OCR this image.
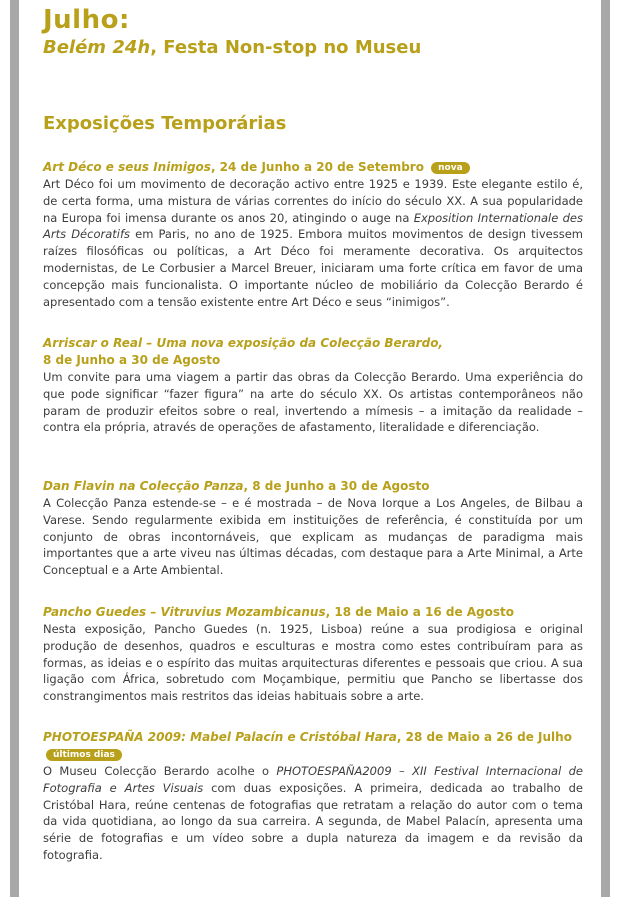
Julho:
Belém 24h, Festa Non-stop no Museu
Exposições Temporárias
Art Déco e seus Inimigos, 24 de Junho a 20 de Setembro nova

Art Déco foi um movimento de decoração activo entre 1925 e 1939. Este elegante estilo é, de certa forma, uma mistura de várias correntes do início do século XX. A sua popularidade na Europa foi imensa durante os anos 20, atingindo o auge na Exposition Internationale des Arts Décoratifs em Paris, no ano de 1925. Embora muitos movimentos de design tivessem raízes filosóficas ou políticas, a Art Déco foi meramente decorativa. Os arquitectos modernistas, de Le Corbusier a Marcel Breuer, iniciaram uma forte crítica em favor de uma concepção mais funcionalista. O importante núcleo de mobiliário da Colecção Berardo é apresentado com a tensão existente entre Art Déco e seus “inimigos”.

Arriscar o Real – Uma nova exposição da Colecção Berardo,
8 de Junho a 30 de Agosto

Um convite para uma viagem a partir das obras da Colecção Berardo. Uma experiência do que pode significar “fazer figura” na arte do século XX. Os artistas contemporâneos não param de produzir efeitos sobre o real, invertendo a mímesis – a imitação da realidade – contra ela própria, através de operações de afastamento, literalidade e diferenciação.

Dan Flavin na Colecção Panza, 8 de Junho a 30 de Agosto

A Colecção Panza estende-se – e é mostrada – de Nova Iorque a Los Angeles, de Bilbau a Varese. Sendo regularmente exibida em instituições de referência, é constituída por um conjunto de obras incontornáveis, que explicam as mudanças de paradigma mais importantes que a arte viveu nas últimas décadas, com destaque para a Arte Minimal, a Arte Conceptual e a Arte Ambiental.

Pancho Guedes – Vitruvius Mozambicanus, 18 de Maio a 16 de Agosto

Nesta exposição, Pancho Guedes (n. 1925, Lisboa) reúne a sua prodigiosa e original produção de desenhos, quadros e esculturas e mostra como estes contribuíram para as formas, as ideias e o espírito das muitas arquitecturas diferentes e pessoais que criou. A sua ligação com África, sobretudo com Moçambique, permitiu que Pancho se libertasse dos constrangimentos mais restritos das ideias habituais sobre a arte.

PHOTOESPAÑA 2009: Mabel Palacín e Cristóbal Hara, 28 de Maio a 26 de Julho últimos dias

O Museu Colecção Berardo acolhe o PHOTOESPAÑA2009 – XII Festival Internacional de Fotografia e Artes Visuais com duas exposições. A primeira, dedicada ao trabalho de Cristóbal Hara, reúne centenas de fotografias que retratam a relação do autor com o tema da vida quotidiana, ao longo da sua carreira. A segunda, de Mabel Palacín, apresenta uma série de fotografias e um vídeo sobre a dupla natureza da imagem e da revisão da fotografia.
